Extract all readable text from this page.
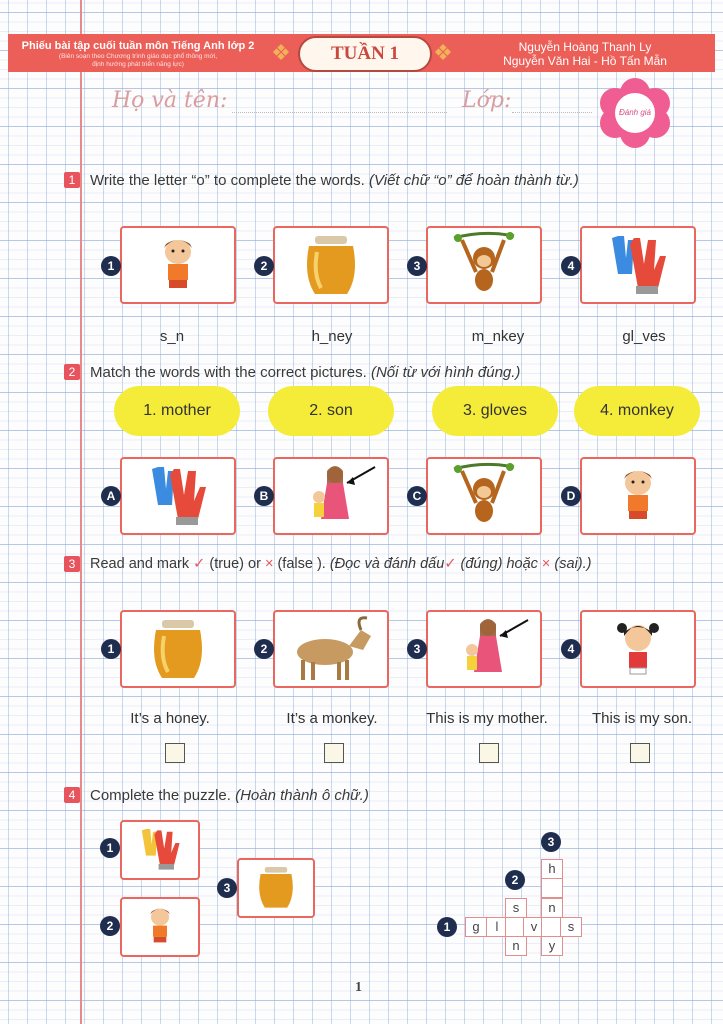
Phiếu bài tập cuối tuần môn Tiếng Anh lớp 2
(Biên soạn theo Chương trình giáo dục phổ thông mới,
định hướng phát triển năng lực)	❖	TUẦN 1	❖	Nguyễn Hoàng Thanh Ly
Nguyễn Văn Hai - Hồ Tấn Mẫn
Họ và tên:	Lớp:	Đánh giá
1 Write the letter “o” to complete the words. (Viết chữ “o” để hoàn thành từ.)
1	2	3	4
s_n	h_ney	m_nkey	gl_ves
2 Match the words with the correct pictures. (Nối từ với hình đúng.)
1. mother	2. son	3. gloves	4. monkey
A	B	C	D
3	Read and mark ✓ (true) or × (false ). (Đọc và đánh dấu✓ (đúng) hoặc × (sai).)
1	2	3	4
It’s a honey.	It’s a monkey.	This is my mother.	This is my son.
4 Complete the puzzle. (Hoàn thành ô chữ.)
1
2
3
3
2
1
h
s	n
g	l	v	s
n	y
1
